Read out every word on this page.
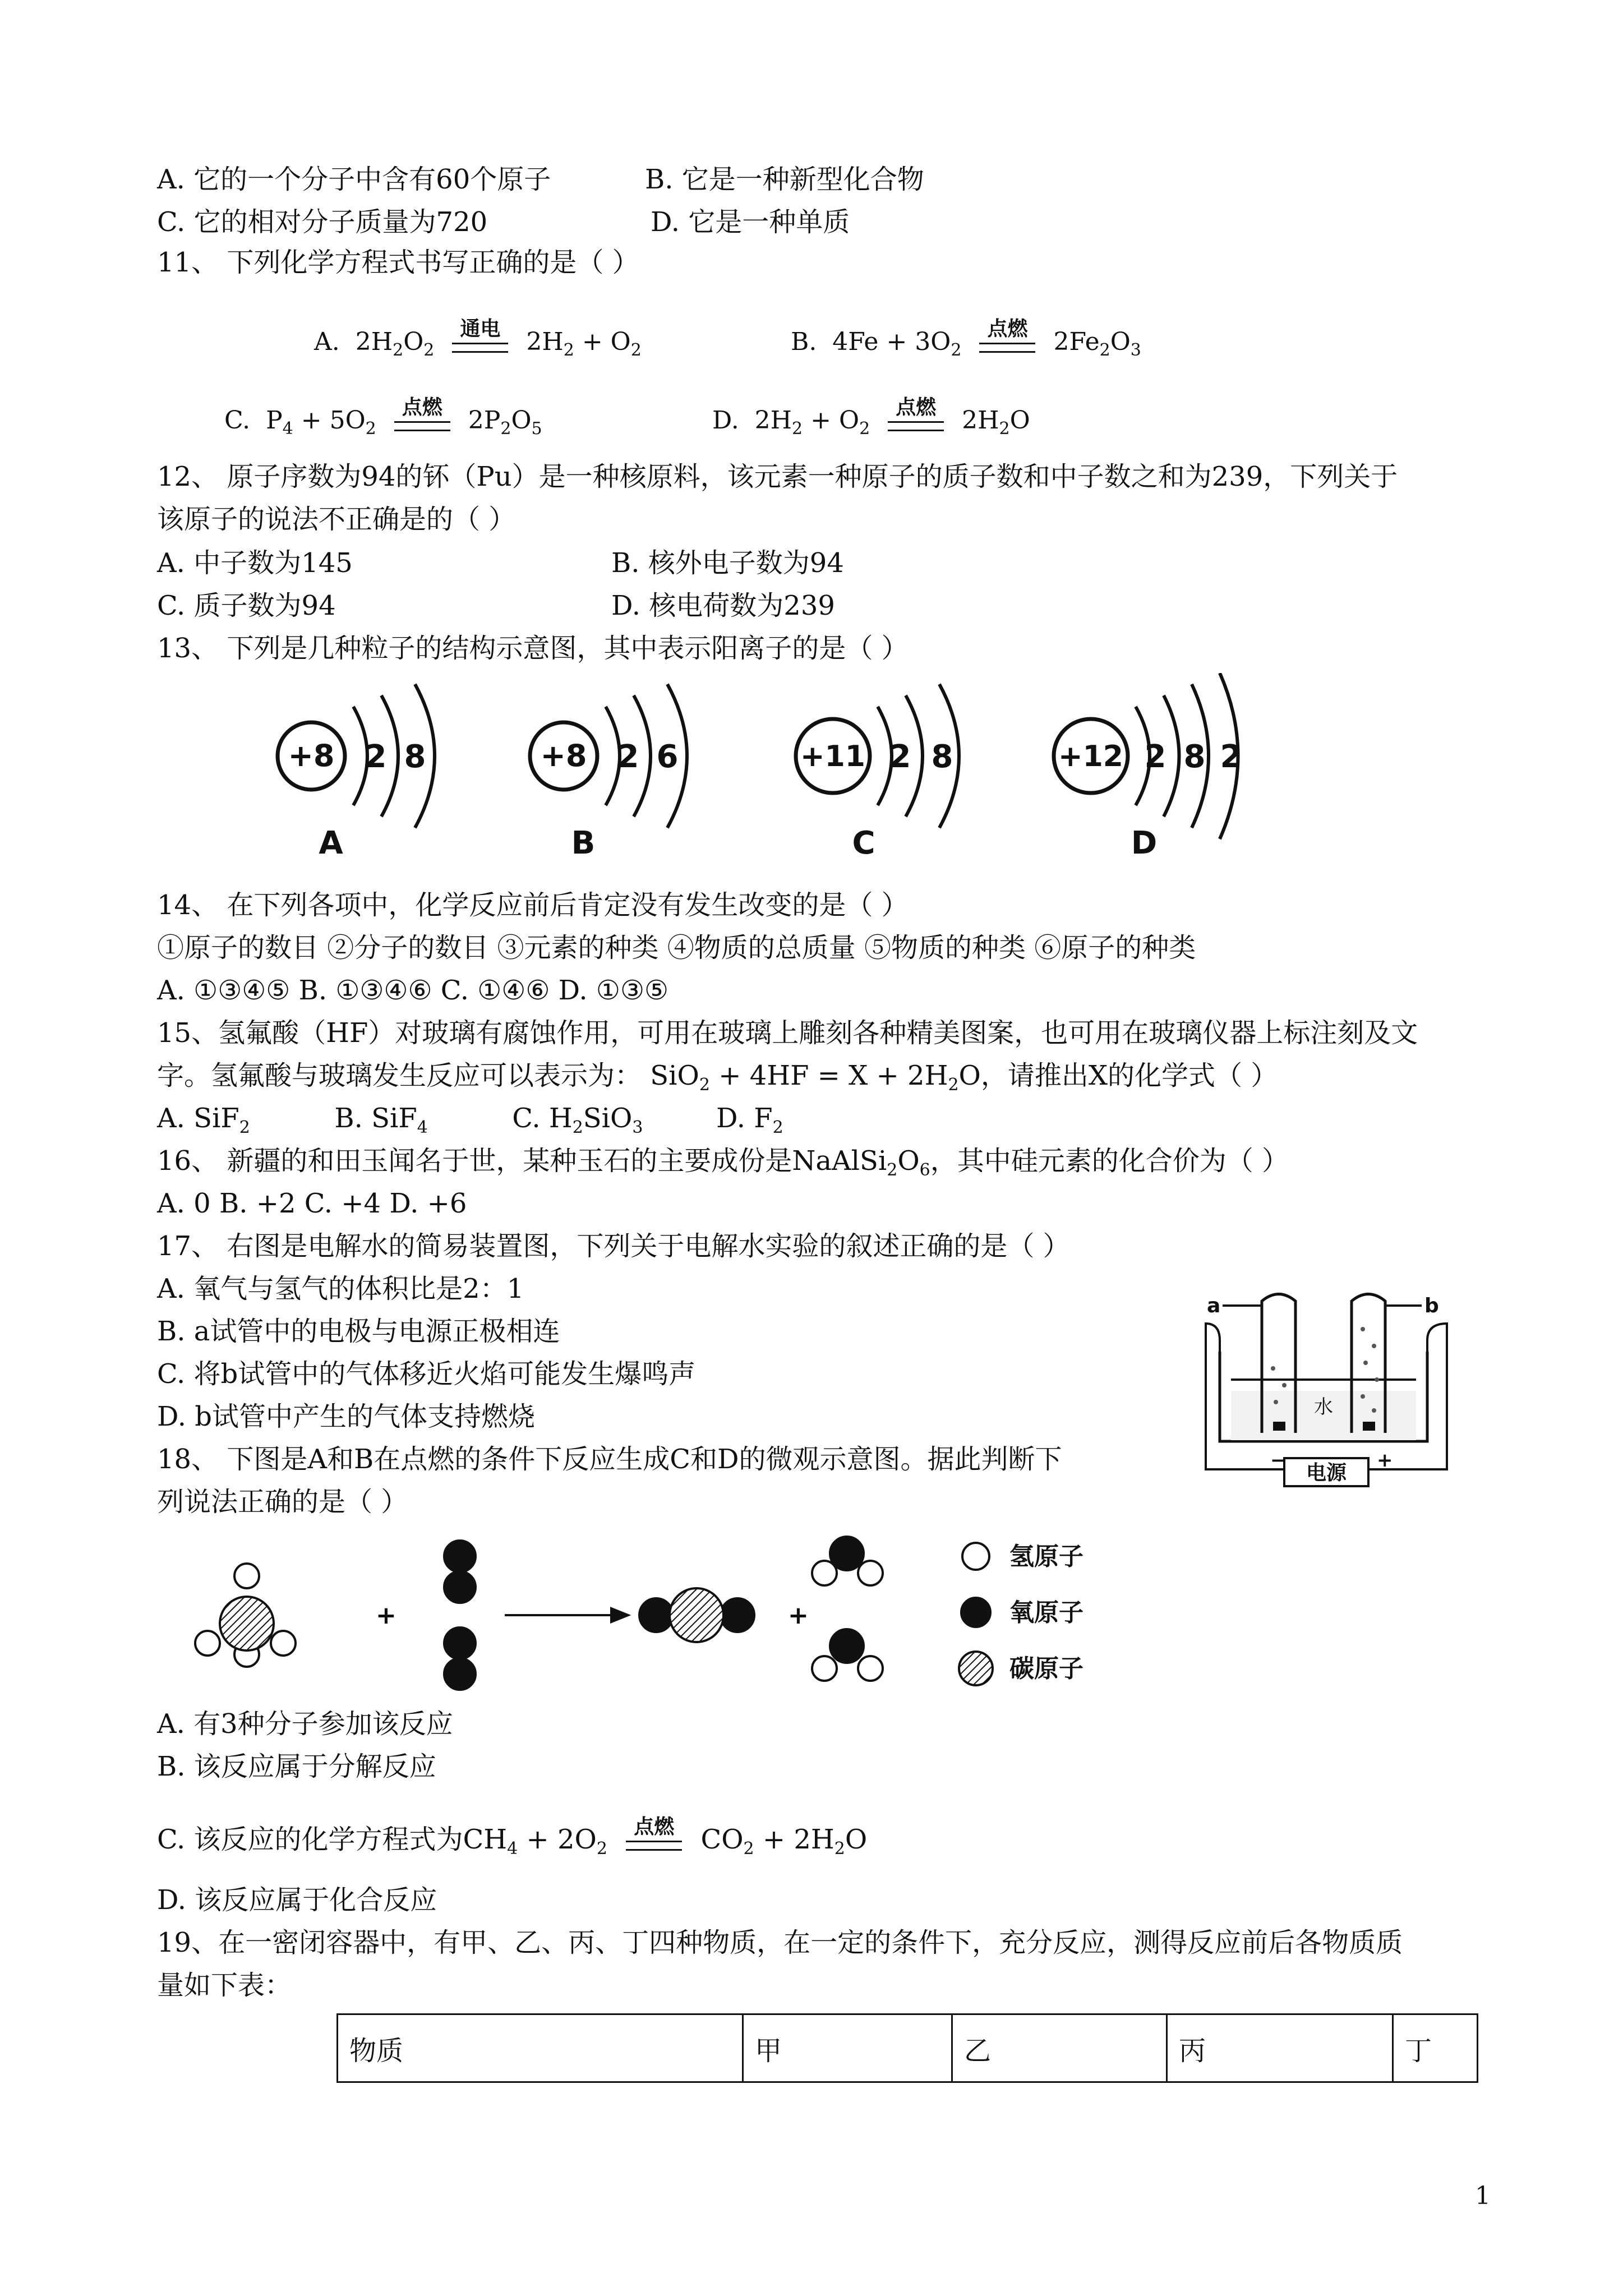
A. 它的一个分子中含有60个原子	B. 它是一种新型化合物
C. 它的相对分子质量为720	D. 它是一种单质
11、 下列化学方程式书写正确的是（ ）
A.  $2H_2O_2$
通电 $2H_2 + O_2$	B.  $4Fe + 3O_2$
点燃 $2Fe_2O_3$
C.  $P_4 + 5O_2$
点燃 $2P_2O_5$	D.  $2H_2 + O_2$
点燃 $2H_2O$
12、 原子序数为94的钚（Pu）是一种核原料，该元素一种原子的质子数和中子数之和为239，下列关于
该原子的说法不正确是的（ ）
A. 中子数为145	B. 核外电子数为94
C. 质子数为94	D. 核电荷数为239
13、 下列是几种粒子的结构示意图，其中表示阳离子的是（ ）
+8 2 8
A
+8 2 6
B
+11 2 8
C
+12 2 8 2
D
14、 在下列各项中，化学反应前后肯定没有发生改变的是（ ）
①原子的数目 ②分子的数目 ③元素的种类 ④物质的总质量 ⑤物质的种类 ⑥原子的种类
A. ①③④⑤ B. ①③④⑥ C. ①④⑥ D. ①③⑤
15、氢氟酸（HF）对玻璃有腐蚀作用，可用在玻璃上雕刻各种精美图案，也可用在玻璃仪器上标注刻及文
字。氢氟酸与玻璃发生反应可以表示为： $SiO_2 + 4HF = X + 2H_2O$，请推出X的化学式（ ）
A. SiF$_2$	B. SiF$_4$	C. $H_2SiO_3$	D. $F_2$
16、 新疆的和田玉闻名于世，某种玉石的主要成份是$NaAlSi_2O_6$，其中硅元素的化合价为（ ）
A. 0 B. +2 C. +4 D. +6
17、 右图是电解水的简易装置图，下列关于电解水实验的叙述正确的是（ ）
A. 氧气与氢气的体积比是2：1
B. a试管中的电极与电源正极相连
C. 将b试管中的气体移近火焰可能发生爆鸣声
D. b试管中产生的气体支持燃烧
a	b
水
电源
−	+
18、 下图是A和B在点燃的条件下反应生成C和D的微观示意图。据此判断下
列说法正确的是（ ）
+	+
氢原子
氧原子
碳原子
A. 有3种分子参加该反应
B. 该反应属于分解反应
C. 该反应的化学方程式为$CH_4 + 2O_2$
点燃 $CO_2 + 2H_2O$
D. 该反应属于化合反应
19、在一密闭容器中，有甲、乙、丙、丁四种物质，在一定的条件下，充分反应，测得反应前后各物质质
量如下表：
物质	甲	乙	丙	丁
1
